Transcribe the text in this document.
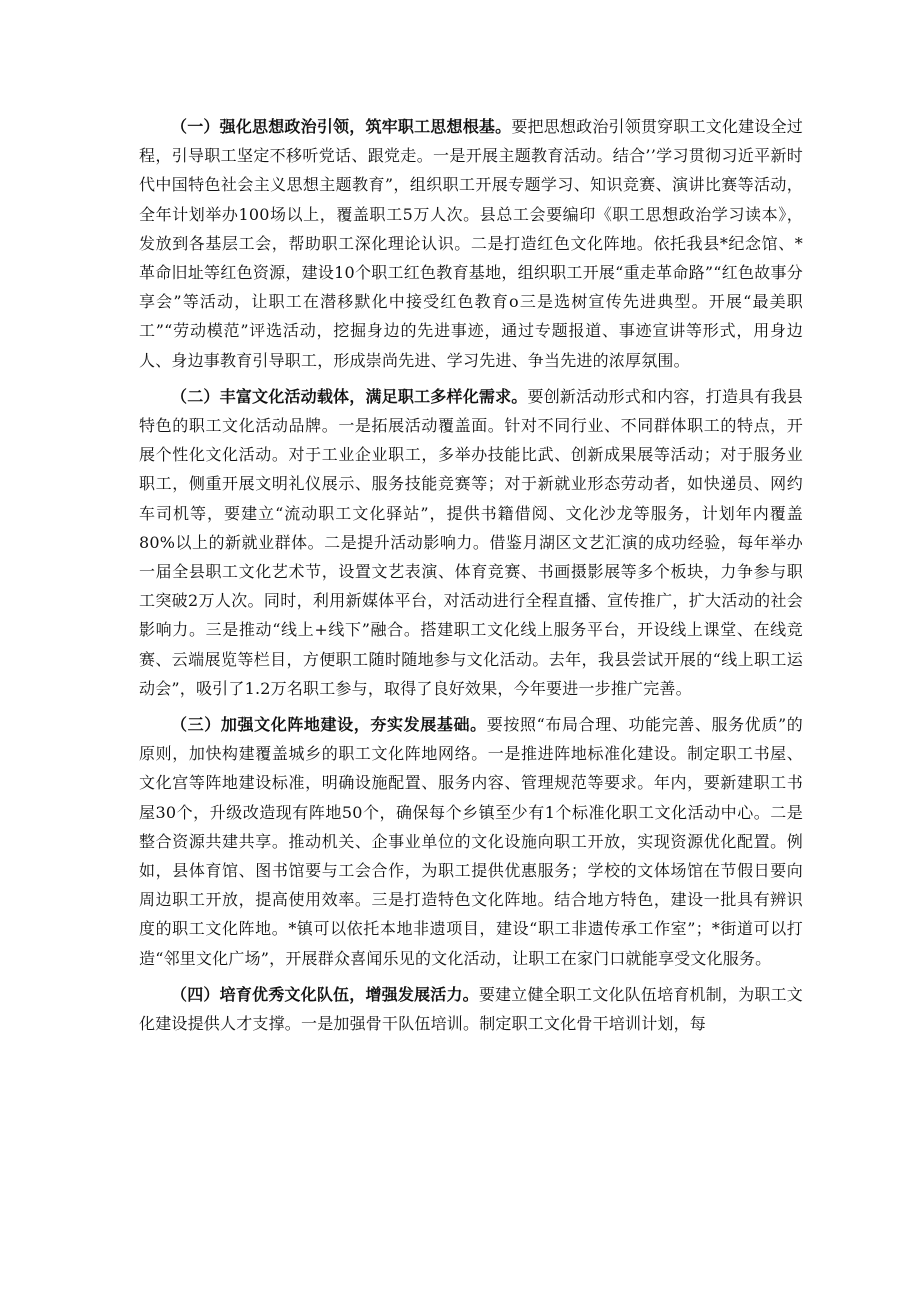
（一）强化思想政治引领，筑牢职工思想根基。要把思想政治引领贯穿职工文化建设全过程，引导职工坚定不移听党话、跟党走。一是开展主题教育活动。结合’’学习贯彻习近平新时代中国特色社会主义思想主题教育”，组织职工开展专题学习、知识竞赛、演讲比赛等活动，全年计划举办100场以上，覆盖职工5万人次。县总工会要编印《职工思想政治学习读本》，发放到各基层工会，帮助职工深化理论认识。二是打造红色文化阵地。依托我县*纪念馆、*革命旧址等红色资源，建设10个职工红色教育基地，组织职工开展“重走革命路”“红色故事分享会”等活动，让职工在潜移默化中接受红色教育o三是选树宣传先进典型。开展“最美职工”“劳动模范”评选活动，挖掘身边的先进事迹，通过专题报道、事迹宣讲等形式，用身边人、身边事教育引导职工，形成崇尚先进、学习先进、争当先进的浓厚氛围。

（二）丰富文化活动载体，满足职工多样化需求。要创新活动形式和内容，打造具有我县特色的职工文化活动品牌。一是拓展活动覆盖面。针对不同行业、不同群体职工的特点，开展个性化文化活动。对于工业企业职工，多举办技能比武、创新成果展等活动；对于服务业职工，侧重开展文明礼仪展示、服务技能竞赛等；对于新就业形态劳动者，如快递员、网约车司机等，要建立“流动职工文化驿站”，提供书籍借阅、文化沙龙等服务，计划年内覆盖80%以上的新就业群体。二是提升活动影响力。借鉴月湖区文艺汇演的成功经验，每年举办一届全县职工文化艺术节，设置文艺表演、体育竞赛、书画摄影展等多个板块，力争参与职工突破2万人次。同时，利用新媒体平台，对活动进行全程直播、宣传推广，扩大活动的社会影响力。三是推动“线上+线下”融合。搭建职工文化线上服务平台，开设线上课堂、在线竞赛、云端展览等栏目，方便职工随时随地参与文化活动。去年，我县尝试开展的“线上职工运动会”，吸引了1.2万名职工参与，取得了良好效果，今年要进一步推广完善。

（三）加强文化阵地建设，夯实发展基础。要按照“布局合理、功能完善、服务优质”的原则，加快构建覆盖城乡的职工文化阵地网络。一是推进阵地标准化建设。制定职工书屋、文化宫等阵地建设标准，明确设施配置、服务内容、管理规范等要求。年内，要新建职工书屋30个，升级改造现有阵地50个，确保每个乡镇至少有1个标准化职工文化活动中心。二是整合资源共建共享。推动机关、企事业单位的文化设施向职工开放，实现资源优化配置。例如，县体育馆、图书馆要与工会合作，为职工提供优惠服务；学校的文体场馆在节假日要向周边职工开放，提高使用效率。三是打造特色文化阵地。结合地方特色，建设一批具有辨识度的职工文化阵地。*镇可以依托本地非遗项目，建设“职工非遗传承工作室”；*街道可以打造“邻里文化广场”，开展群众喜闻乐见的文化活动，让职工在家门口就能享受文化服务。

（四）培育优秀文化队伍，增强发展活力。要建立健全职工文化队伍培育机制，为职工文化建设提供人才支撑。一是加强骨干队伍培训。制定职工文化骨干培训计划，每
